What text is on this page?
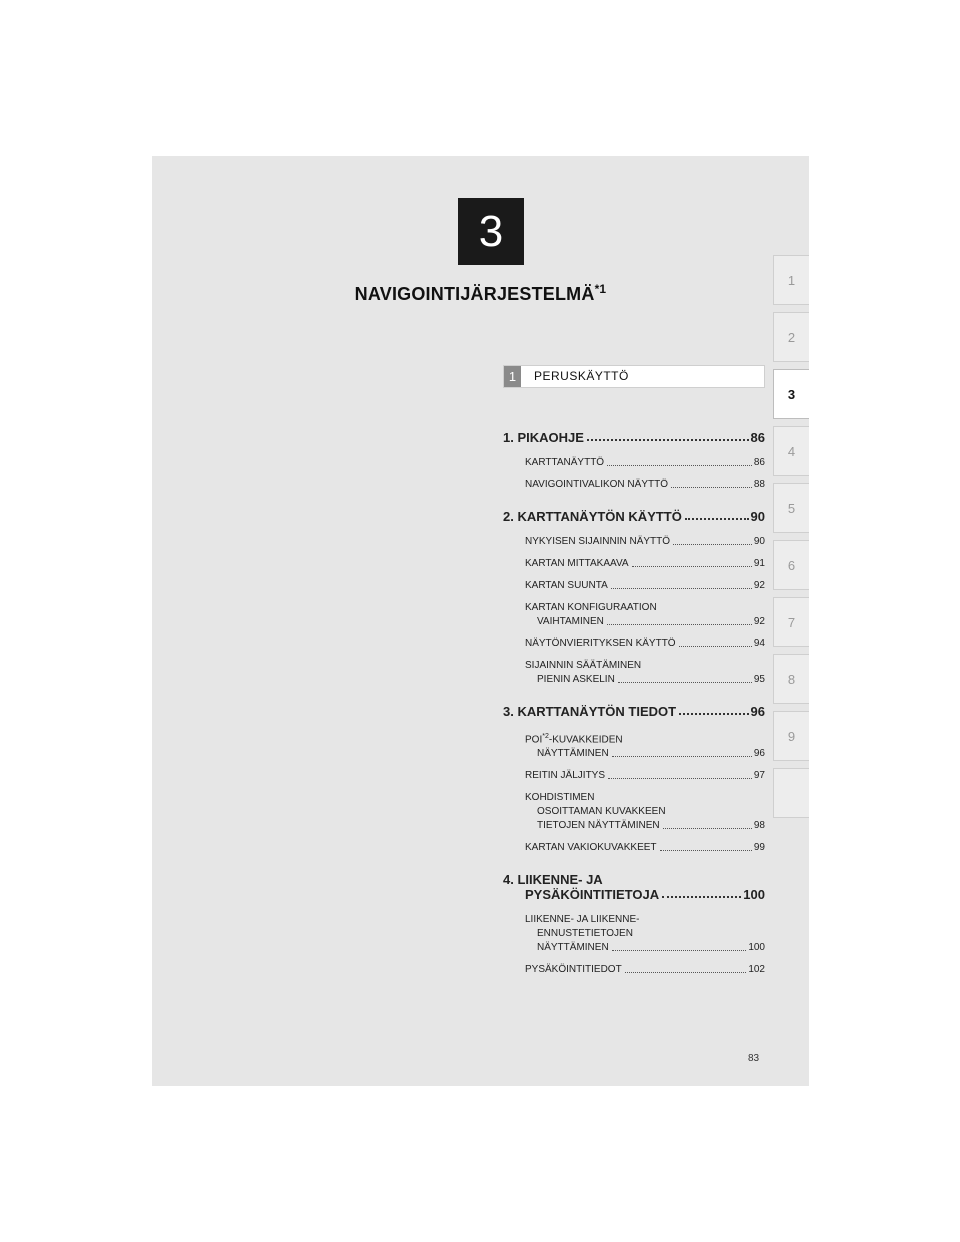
3
NAVIGOINTIJÄRJESTELMÄ$^{*1}$
1
2
3
4
5
6
7
8
9
1	PERUSKÄYTTÖ
1. PIKAOHJE	86
KARTTANÄYTTÖ	86
NAVIGOINTIVALIKON NÄYTTÖ	88
2. KARTTANÄYTÖN KÄYTTÖ	90
NYKYISEN SIJAINNIN NÄYTTÖ	90
KARTAN MITTAKAAVA	91
KARTAN SUUNTA	92
KARTAN KONFIGURAATION
VAIHTAMINEN	92
NÄYTÖNVIERITYKSEN KÄYTTÖ	94
SIJAINNIN SÄÄTÄMINEN
PIENIN ASKELIN	95
3. KARTTANÄYTÖN TIEDOT	96
POI$^{*2}$-KUVAKKEIDEN
NÄYTTÄMINEN	96
REITIN JÄLJITYS	97
KOHDISTIMEN
OSOITTAMAN KUVAKKEEN
TIETOJEN NÄYTTÄMINEN	98
KARTAN VAKIOKUVAKKEET	99
4. LIIKENNE- JA
PYSÄKÖINTITIETOJA	100
LIIKENNE- JA LIIKENNE-
ENNUSTETIETOJEN
NÄYTTÄMINEN	100
PYSÄKÖINTITIEDOT	102
83
